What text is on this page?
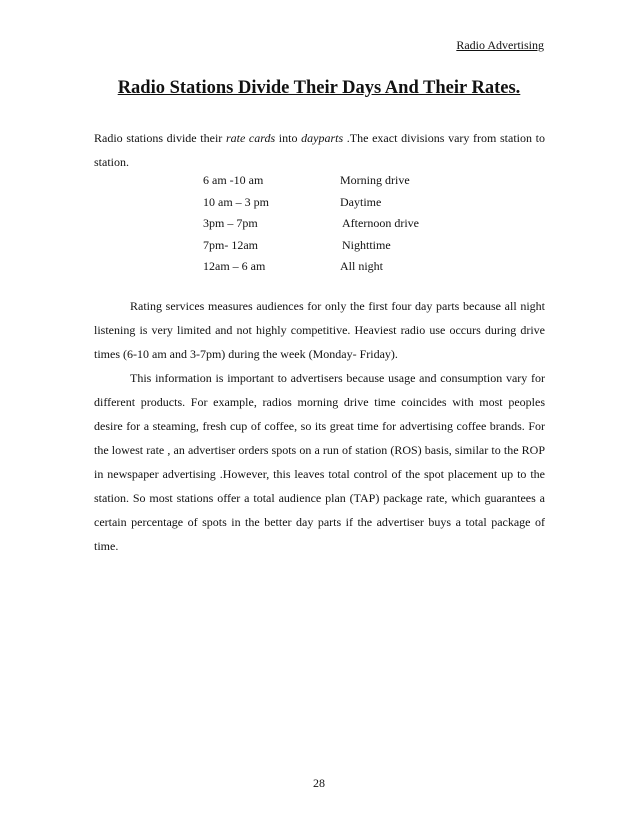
Radio Advertising
Radio Stations Divide Their Days And Their Rates.
Radio stations divide their rate cards into dayparts .The exact divisions vary from station to station.
6 am -10 am	Morning drive
10 am – 3 pm	Daytime
3pm – 7pm	Afternoon drive
7pm- 12am	Nighttime
12am – 6 am	All night

Rating services measures audiences for only the first four day parts because all night listening is very limited and not highly competitive. Heaviest radio use occurs during drive times (6-10 am and 3-7pm) during the week (Monday- Friday).

This information is important to advertisers because usage and consumption vary for different products. For example, radios morning drive time coincides with most peoples desire for a steaming, fresh cup of coffee, so its great time for advertising coffee brands. For the lowest rate , an advertiser orders spots on a run of station (ROS) basis, similar to the ROP in newspaper advertising .However, this leaves total control of the spot placement up to the station. So most stations offer a total audience plan (TAP) package rate, which guarantees a certain percentage of spots in the better day parts if the advertiser buys a total package of time.

28
